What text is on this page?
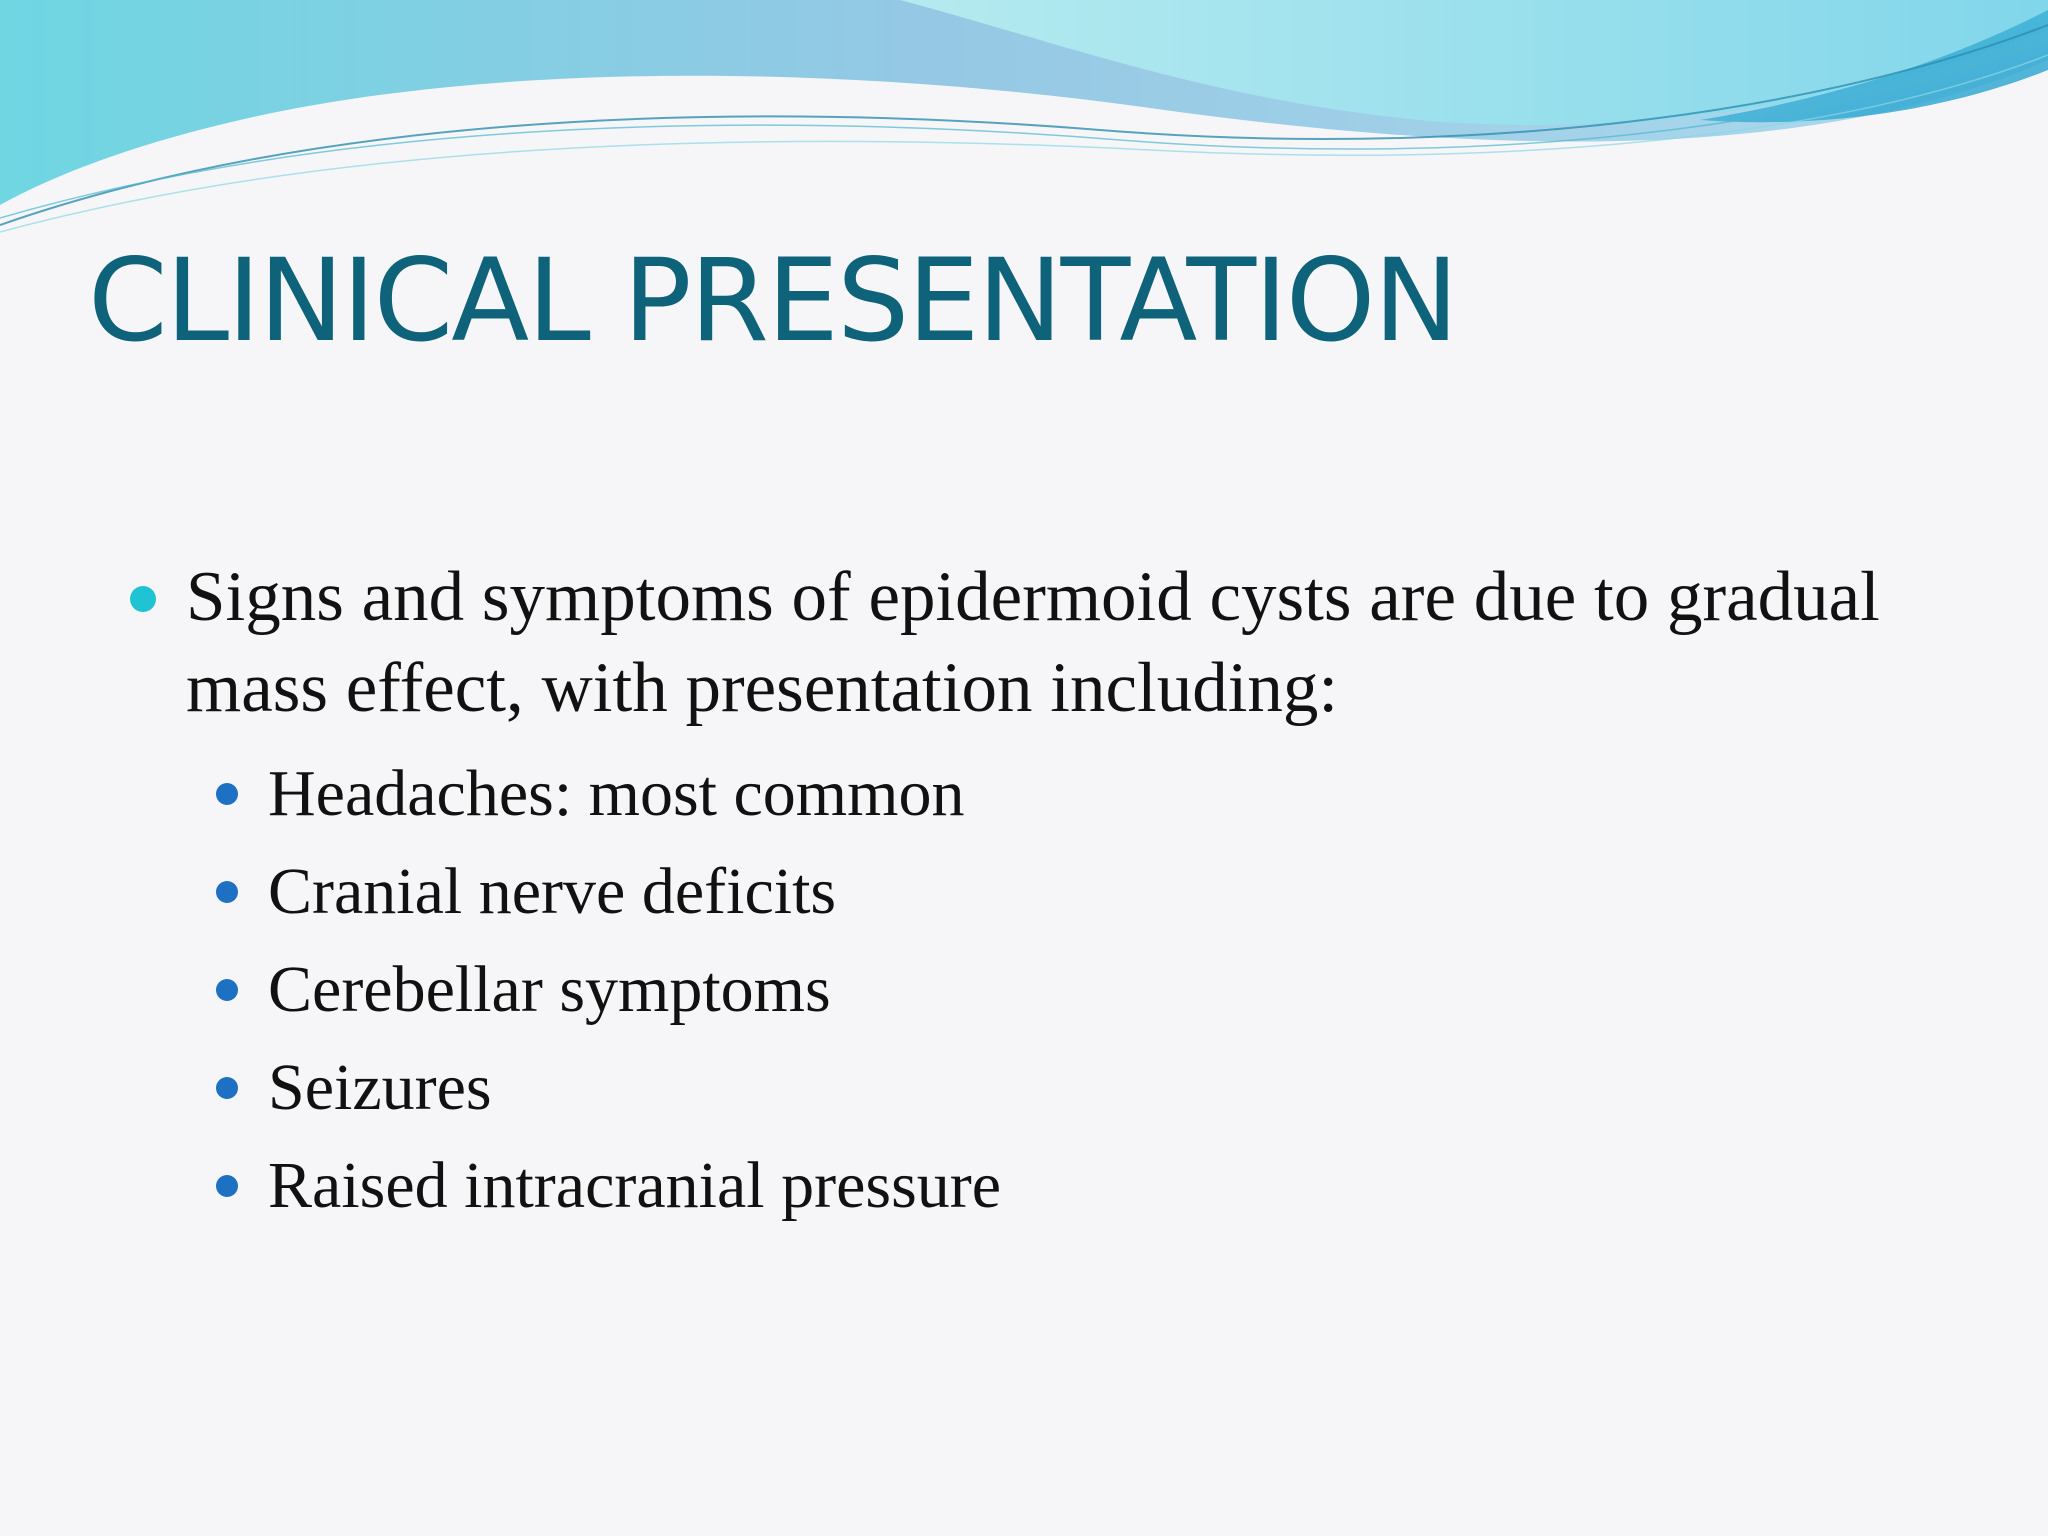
CLINICAL PRESENTATION
Signs and symptoms of epidermoid cysts are due to gradual mass effect, with presentation including:
Headaches: most common
Cranial nerve deficits
Cerebellar symptoms
Seizures
Raised intracranial pressure
